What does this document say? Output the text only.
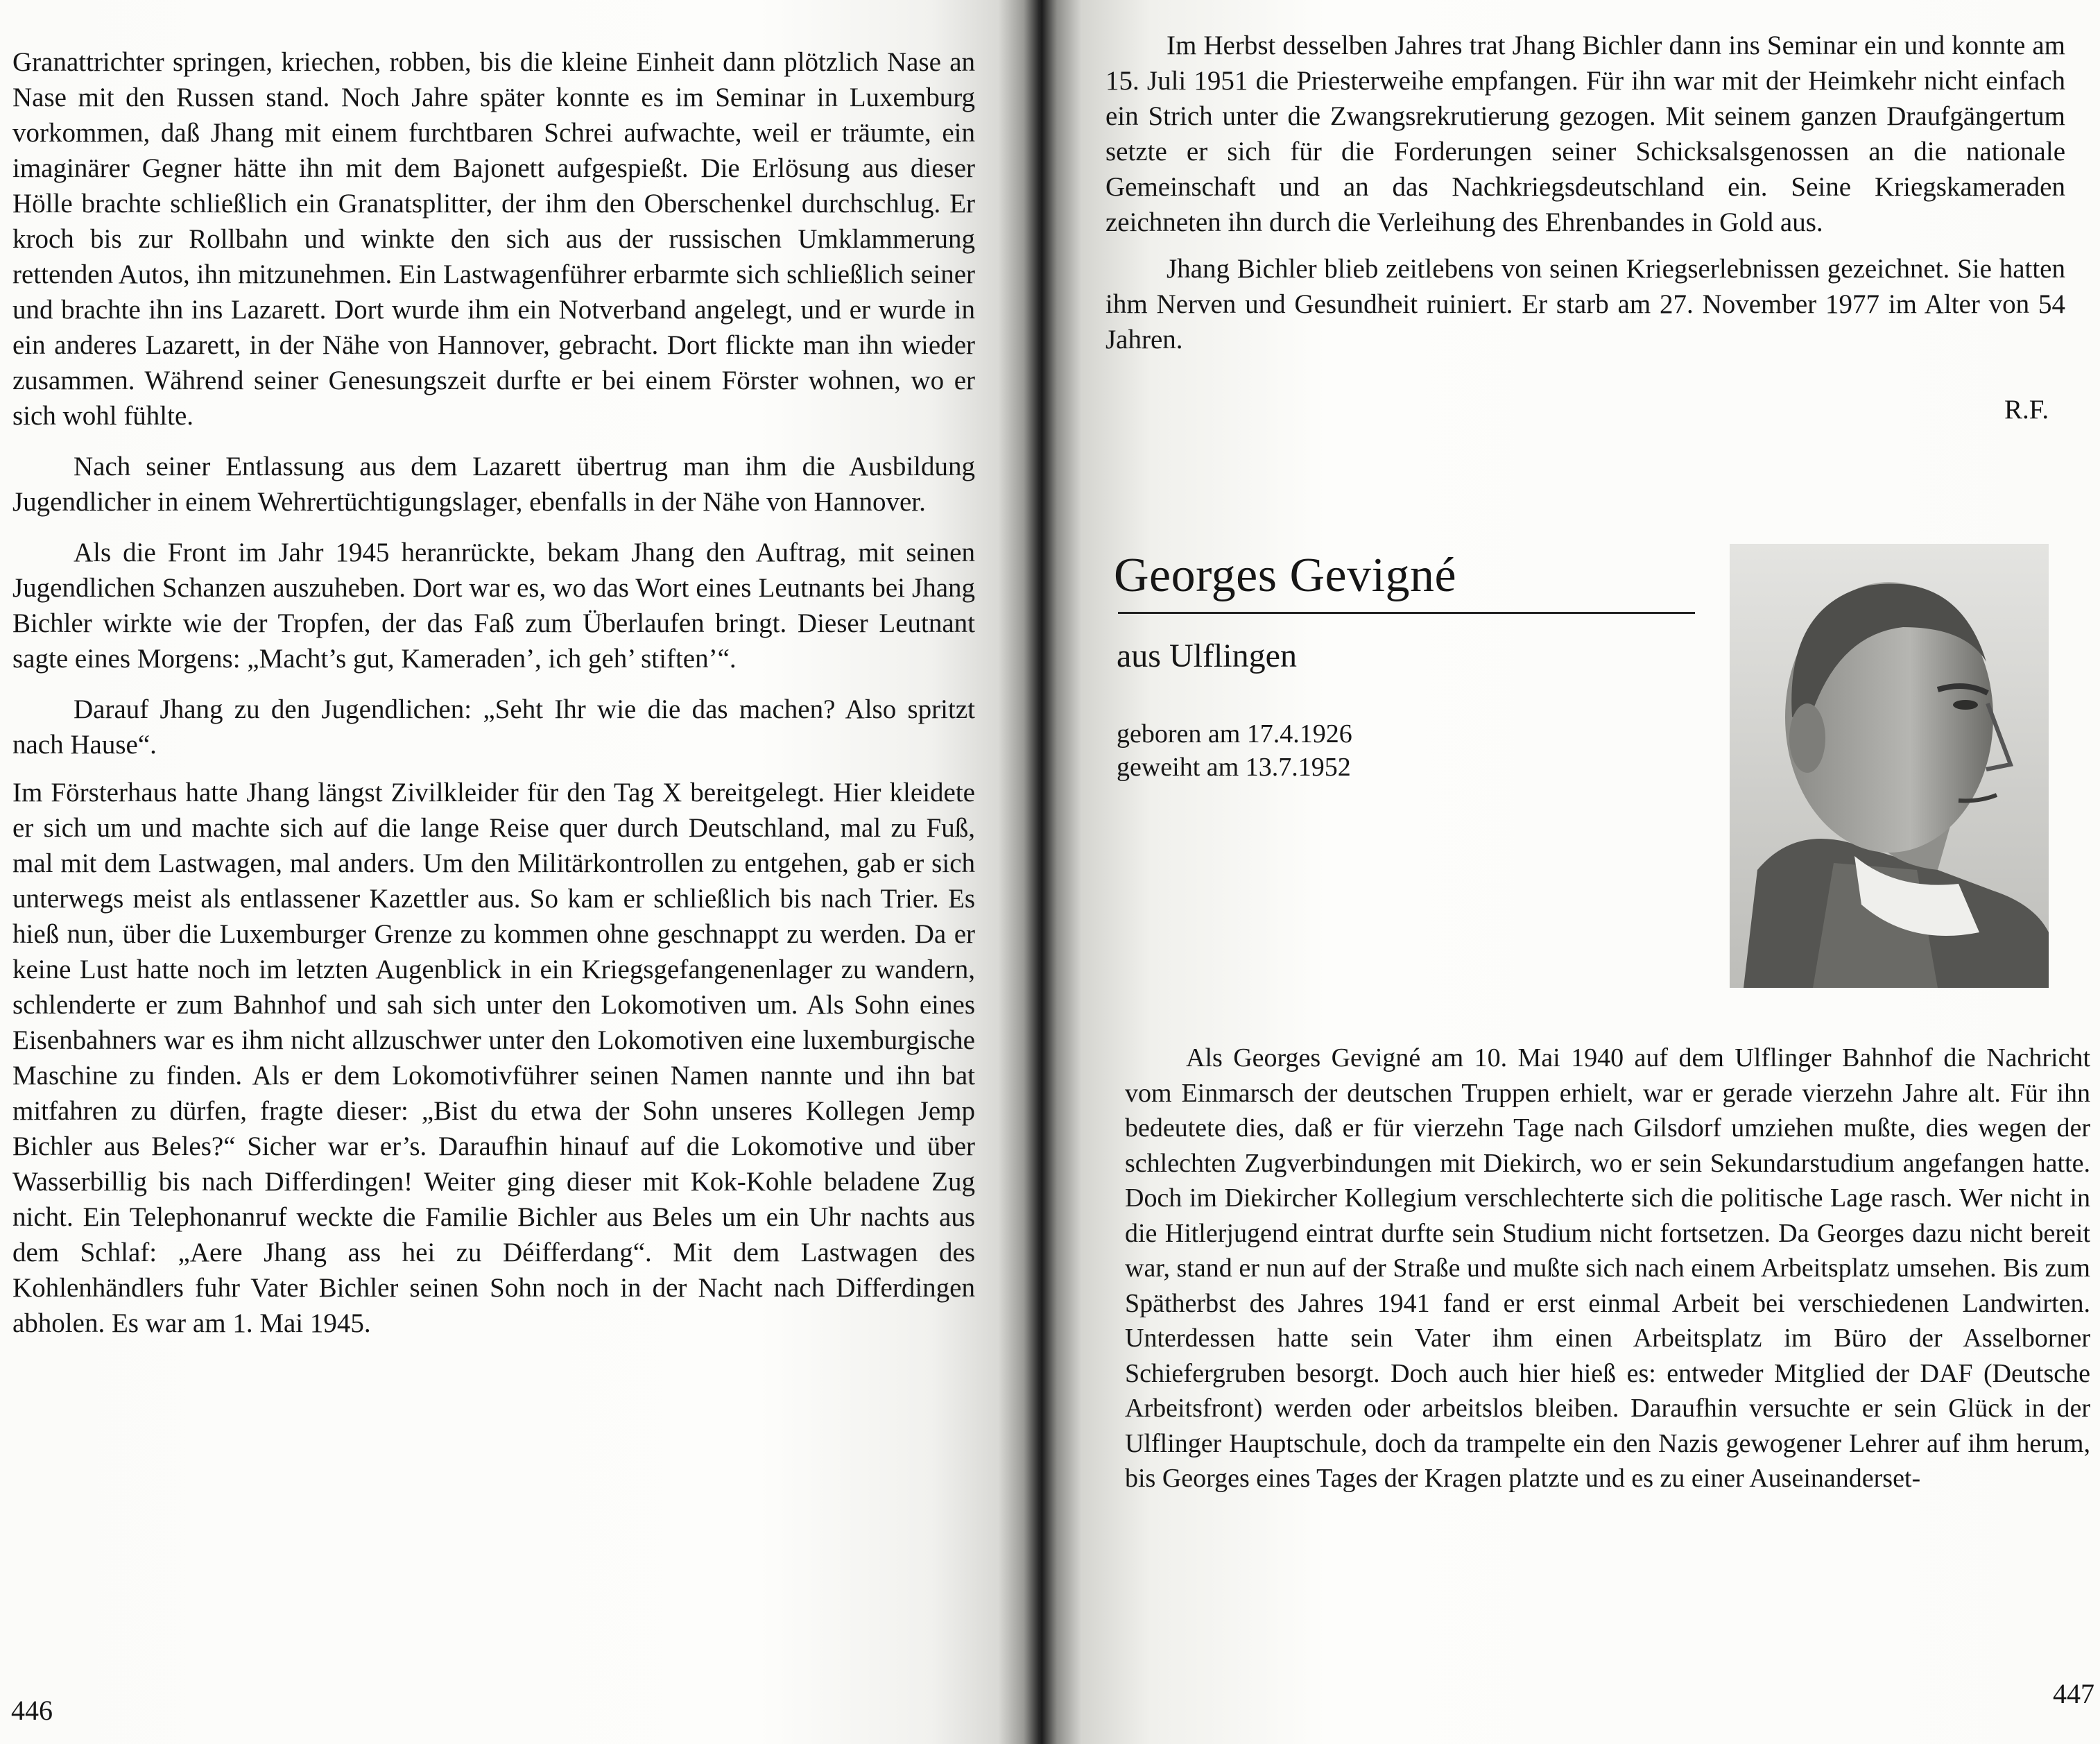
Granattrichter springen, kriechen, robben, bis die kleine Einheit dann plötzlich Nase an Nase mit den Russen stand. Noch Jahre später konnte es im Seminar in Luxemburg vorkommen, daß Jhang mit einem furchtbaren Schrei aufwachte, weil er träumte, ein imaginärer Gegner hätte ihn mit dem Bajonett aufgespießt. Die Erlösung aus dieser Hölle brachte schließlich ein Granatsplitter, der ihm den Oberschenkel durchschlug. Er kroch bis zur Rollbahn und winkte den sich aus der russischen Umklammerung rettenden Autos, ihn mitzunehmen. Ein Lastwagenführer erbarmte sich schließlich seiner und brachte ihn ins Lazarett. Dort wurde ihm ein Notverband angelegt, und er wurde in ein anderes Lazarett, in der Nähe von Hannover, gebracht. Dort flickte man ihn wieder zusammen. Während seiner Genesungszeit durfte er bei einem Förster wohnen, wo er sich wohl fühlte.

Nach seiner Entlassung aus dem Lazarett übertrug man ihm die Ausbildung Jugendlicher in einem Wehrertüchtigungslager, ebenfalls in der Nähe von Hannover.

Als die Front im Jahr 1945 heranrückte, bekam Jhang den Auftrag, mit seinen Jugendlichen Schanzen auszuheben. Dort war es, wo das Wort eines Leutnants bei Jhang Bichler wirkte wie der Tropfen, der das Faß zum Überlaufen bringt. Dieser Leutnant sagte eines Morgens: „Macht’s gut, Kameraden’, ich geh’ stiften’“.

Darauf Jhang zu den Jugendlichen: „Seht Ihr wie die das machen? Also spritzt nach Hause“.

Im Försterhaus hatte Jhang längst Zivilkleider für den Tag X bereitgelegt. Hier kleidete er sich um und machte sich auf die lange Reise quer durch Deutschland, mal zu Fuß, mal mit dem Lastwagen, mal anders. Um den Militärkontrollen zu entgehen, gab er sich unterwegs meist als entlassener Kazettler aus. So kam er schließlich bis nach Trier. Es hieß nun, über die Luxemburger Grenze zu kommen ohne geschnappt zu werden. Da er keine Lust hatte noch im letzten Augenblick in ein Kriegsgefangenenlager zu wandern, schlenderte er zum Bahnhof und sah sich unter den Lokomotiven um. Als Sohn eines Eisenbahners war es ihm nicht allzuschwer unter den Lokomotiven eine luxemburgische Maschine zu finden. Als er dem Lokomotivführer seinen Namen nannte und ihn bat mitfahren zu dürfen, fragte dieser: „Bist du etwa der Sohn unseres Kollegen Jemp Bichler aus Beles?“ Sicher war er’s. Daraufhin hinauf auf die Lokomotive und über Wasserbillig bis nach Differdingen! Weiter ging dieser mit Kok-Kohle beladene Zug nicht. Ein Telephonanruf weckte die Familie Bichler aus Beles um ein Uhr nachts aus dem Schlaf: „Aere Jhang ass hei zu Déifferdang“. Mit dem Lastwagen des Kohlenhändlers fuhr Vater Bichler seinen Sohn noch in der Nacht nach Differdingen abholen. Es war am 1. Mai 1945.

446

Im Herbst desselben Jahres trat Jhang Bichler dann ins Seminar ein und konnte am 15. Juli 1951 die Priesterweihe empfangen. Für ihn war mit der Heimkehr nicht einfach ein Strich unter die Zwangsrekrutierung gezogen. Mit seinem ganzen Draufgängertum setzte er sich für die Forderungen seiner Schicksalsgenossen an die nationale Gemeinschaft und an das Nachkriegsdeutschland ein. Seine Kriegskameraden zeichneten ihn durch die Verleihung des Ehrenbandes in Gold aus.

Jhang Bichler blieb zeitlebens von seinen Kriegserlebnissen gezeichnet. Sie hatten ihm Nerven und Gesundheit ruiniert. Er starb am 27. November 1977 im Alter von 54 Jahren.

R.F.
Georges Gevigné
aus Ulflingen
geboren am 17.4.1926
geweiht am 13.7.1952

Als Georges Gevigné am 10. Mai 1940 auf dem Ulflinger Bahnhof die Nachricht vom Einmarsch der deutschen Truppen erhielt, war er gerade vierzehn Jahre alt. Für ihn bedeutete dies, daß er für vierzehn Tage nach Gilsdorf umziehen mußte, dies wegen der schlechten Zugverbindungen mit Diekirch, wo er sein Sekundarstudium angefangen hatte. Doch im Diekircher Kollegium verschlechterte sich die politische Lage rasch. Wer nicht in die Hitlerjugend eintrat durfte sein Studium nicht fortsetzen. Da Georges dazu nicht bereit war, stand er nun auf der Straße und mußte sich nach einem Arbeitsplatz umsehen. Bis zum Spätherbst des Jahres 1941 fand er erst einmal Arbeit bei verschiedenen Landwirten. Unterdessen hatte sein Vater ihm einen Arbeitsplatz im Büro der Asselborner Schiefergruben besorgt. Doch auch hier hieß es: entweder Mitglied der DAF (Deutsche Arbeitsfront) werden oder arbeitslos bleiben. Daraufhin versuchte er sein Glück in der Ulflinger Hauptschule, doch da trampelte ein den Nazis gewogener Lehrer auf ihm herum, bis Georges eines Tages der Kragen platzte und es zu einer Auseinanderset-

447
